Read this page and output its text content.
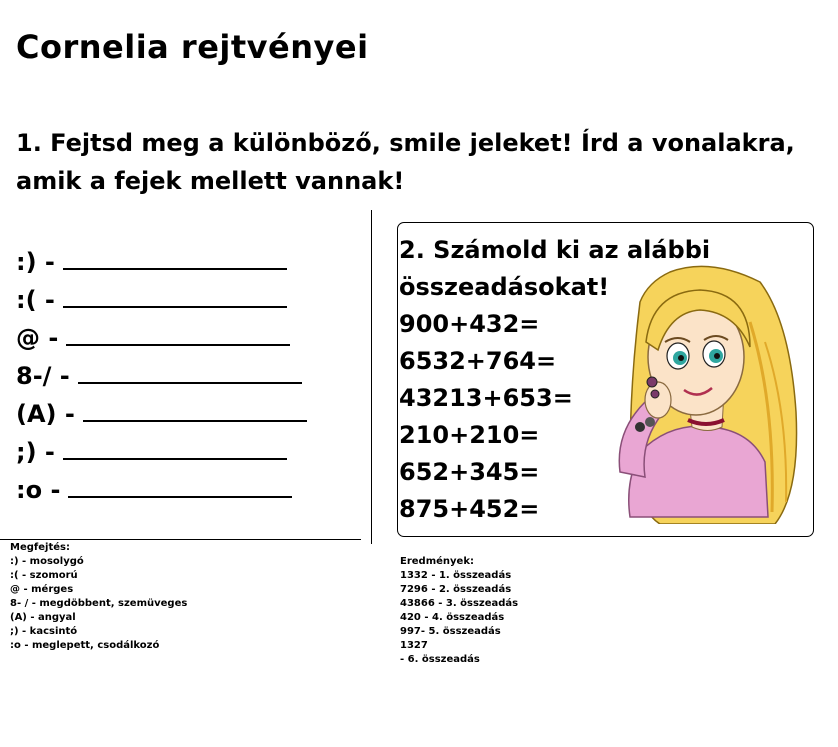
Cornelia rejtvényei
1. Fejtsd meg a különböző, smile jeleket! Írd a vonalakra,
amik a fejek mellett vannak!
:) -
:( -
@ -
8-/ -
(A) -
;) -
:o -
2. Számold ki az alábbi
összeadásokat!
900+432=
6532+764=
43213+653=
210+210=
652+345=
875+452=
Megfejtés:
:) - mosolygó
:( - szomorú
@ - mérges
8- / - megdöbbent, szemüveges
(A) - angyal
;) - kacsintó
:o - meglepett, csodálkozó
Eredmények:
1332 - 1. összeadás
7296 - 2. összeadás
43866 - 3. összeadás
420 - 4. összeadás
997- 5. összeadás
1327
- 6. összeadás
